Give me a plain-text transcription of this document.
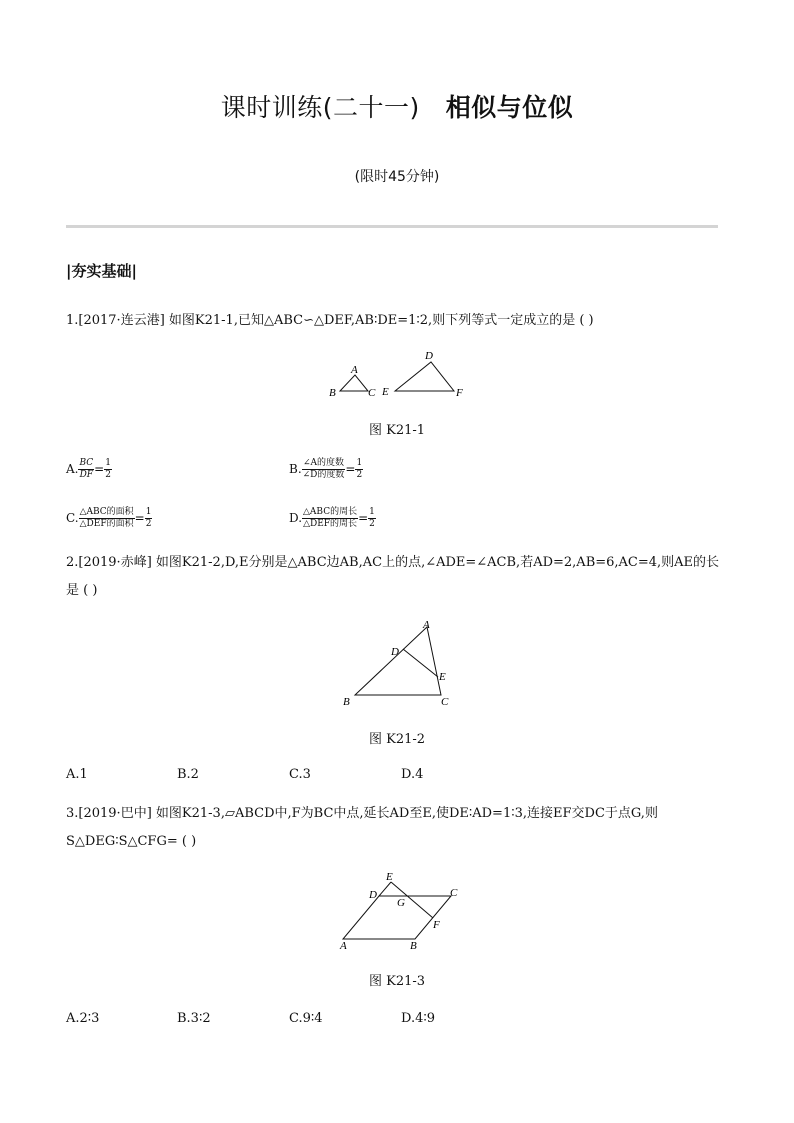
课时训练(二十一) 相似与位似
(限时45分钟)
|夯实基础|
1.[2017·连云港] 如图K21-1,已知△ABC∽△DEF,AB∶DE=1∶2,则下列等式一定成立的是 ( )
A
B	C
D
E	F
图 K21-1
A. $\frac{BC}{DF} = \frac{1}{2}$	B. $\frac{\text{∠A的度数}}{\text{∠D的度数}} = \frac{1}{2}$
C. $\frac{\text{△ABC的面积}}{\text{△DEF的面积}} = \frac{1}{2}$	D. $\frac{\text{△ABC的周长}}{\text{△DEF的周长}} = \frac{1}{2}$
2.[2019·赤峰] 如图K21-2,D,E分别是△ABC边AB,AC上的点,∠ADE=∠ACB,若AD=2,AB=6,AC=4,则AE的长
是 ( )
A
B	C
D
E
图 K21-2
A.1	B.2	C.3	D.4
3.[2019·巴中] 如图K21-3,▱ABCD中,F为BC中点,延长AD至E,使DE∶AD=1∶3,连接EF交DC于点G,则
S△DEG∶S△CFG= ( )
A	B
C
D
E
F
G
图 K21-3
A.2∶3	B.3∶2	C.9∶4	D.4∶9
